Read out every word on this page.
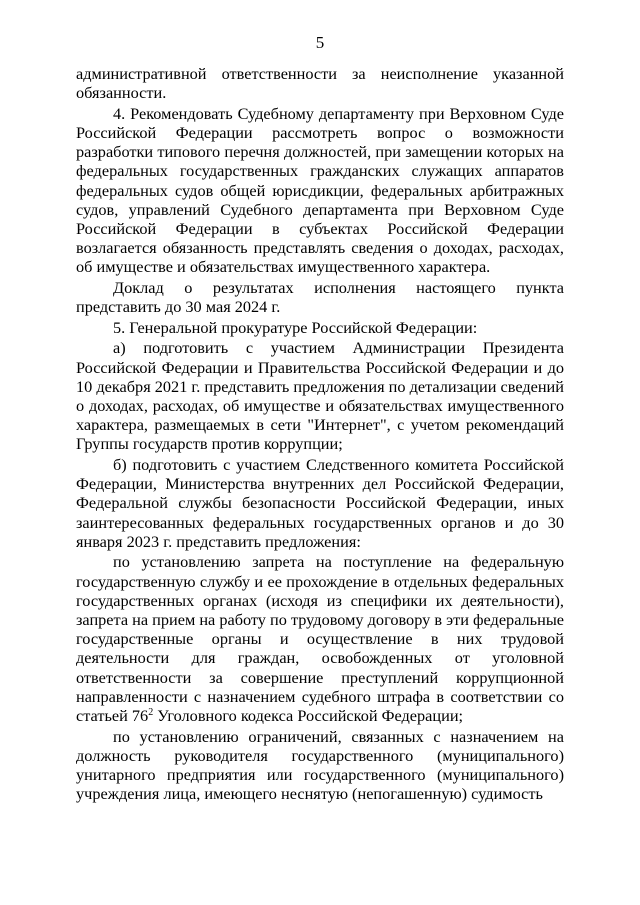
5

административной ответственности за неисполнение указанной обязанности.

4. Рекомендовать Судебному департаменту при Верховном Суде Российской Федерации рассмотреть вопрос о возможности разработки типового перечня должностей, при замещении которых на федеральных государственных гражданских служащих аппаратов федеральных судов общей юрисдикции, федеральных арбитражных судов, управлений Судебного департамента при Верховном Суде Российской Федерации в субъектах Российской Федерации возлагается обязанность представлять сведения о доходах, расходах, об имуществе и обязательствах имущественного характера.

Доклад о результатах исполнения настоящего пункта представить до 30 мая 2024 г.

5. Генеральной прокуратуре Российской Федерации:

а) подготовить с участием Администрации Президента Российской Федерации и Правительства Российской Федерации и до 10 декабря 2021 г. представить предложения по детализации сведений о доходах, расходах, об имуществе и обязательствах имущественного характера, размещаемых в сети "Интернет", с учетом рекомендаций Группы государств против коррупции;

б) подготовить с участием Следственного комитета Российской Федерации, Министерства внутренних дел Российской Федерации, Федеральной службы безопасности Российской Федерации, иных заинтересованных федеральных государственных органов и до 30 января 2023 г. представить предложения:

по установлению запрета на поступление на федеральную государственную службу и ее прохождение в отдельных федеральных государственных органах (исходя из специфики их деятельности), запрета на прием на работу по трудовому договору в эти федеральные государственные органы и осуществление в них трудовой деятельности для граждан, освобожденных от уголовной ответственности за совершение преступлений коррупционной направленности с назначением судебного штрафа в соответствии со статьей $76^2$ Уголовного кодекса Российской Федерации;

по установлению ограничений, связанных с назначением на должность руководителя государственного (муниципального) унитарного предприятия или государственного (муниципального) учреждения лица, имеющего неснятую (непогашенную) судимость
